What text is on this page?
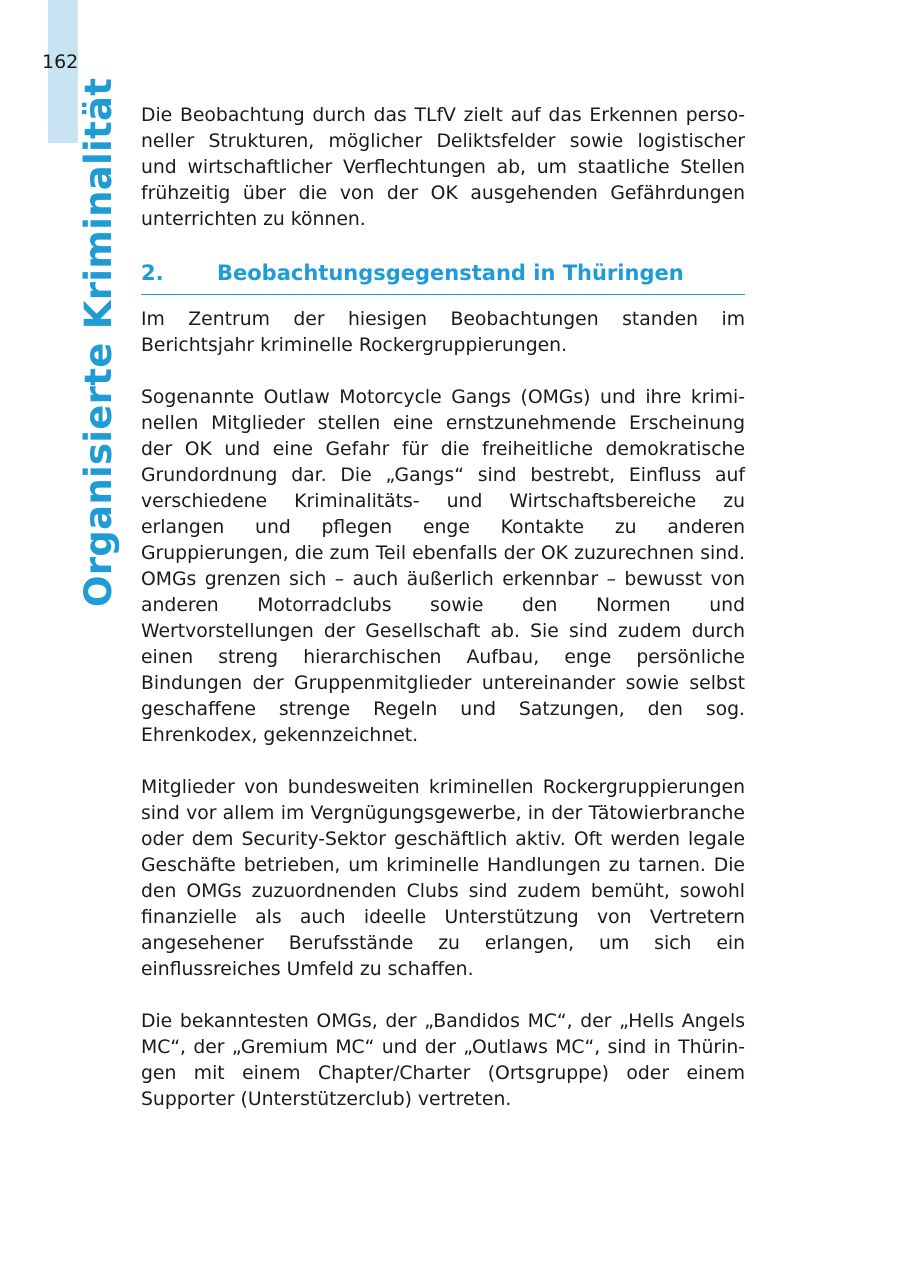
162
Organisierte Kriminalität Die Beobachtung durch das TLfV zielt auf das Erkennen personeller Strukturen, möglicher Deliktsfelder sowie logistischer und wirtschaftlicher Verflechtungen ab, um staatliche Stellen frühzeitig über die von der OK ausgehenden Gefährdungen unterrichten zu können.

2.	Beobachtungsgegenstand in Thüringen

Im Zentrum der hiesigen Beobachtungen standen im Berichtsjahr kriminelle Rockergruppierungen.

Sogenannte Outlaw Motorcycle Gangs (OMGs) und ihre kriminellen Mitglieder stellen eine ernstzunehmende Erscheinung der OK und eine Gefahr für die freiheitliche demokratische Grundordnung dar. Die „Gangs“ sind bestrebt, Einfluss auf verschiedene Kriminalitäts- und Wirtschaftsbereiche zu erlangen und pflegen enge Kontakte zu anderen Gruppierungen, die zum Teil ebenfalls der OK zuzurechnen sind. OMGs grenzen sich – auch äußerlich erkennbar – bewusst von anderen Motorradclubs sowie den Normen und Wertvorstellungen der Gesellschaft ab. Sie sind zudem durch einen streng hierarchischen Aufbau, enge persönliche Bindungen der Gruppenmitglieder untereinander sowie selbst geschaffene strenge Regeln und Satzungen, den sog. Ehrenkodex, gekennzeichnet.

Mitglieder von bundesweiten kriminellen Rockergruppierungen sind vor allem im Vergnügungsgewerbe, in der Tätowierbranche oder dem Security-Sektor geschäftlich aktiv. Oft werden legale Geschäfte betrieben, um kriminelle Handlungen zu tarnen. Die den OMGs zuzuordnenden Clubs sind zudem bemüht, sowohl finanzielle als auch ideelle Unterstützung von Vertretern angesehener Berufsstände zu erlangen, um sich ein einflussreiches Umfeld zu schaffen.

Die bekanntesten OMGs, der „Bandidos MC“, der „Hells Angels MC“, der „Gremium MC“ und der „Outlaws MC“, sind in Thüringen mit einem Chapter/Charter (Ortsgruppe) oder einem Supporter (Unterstützerclub) vertreten.
